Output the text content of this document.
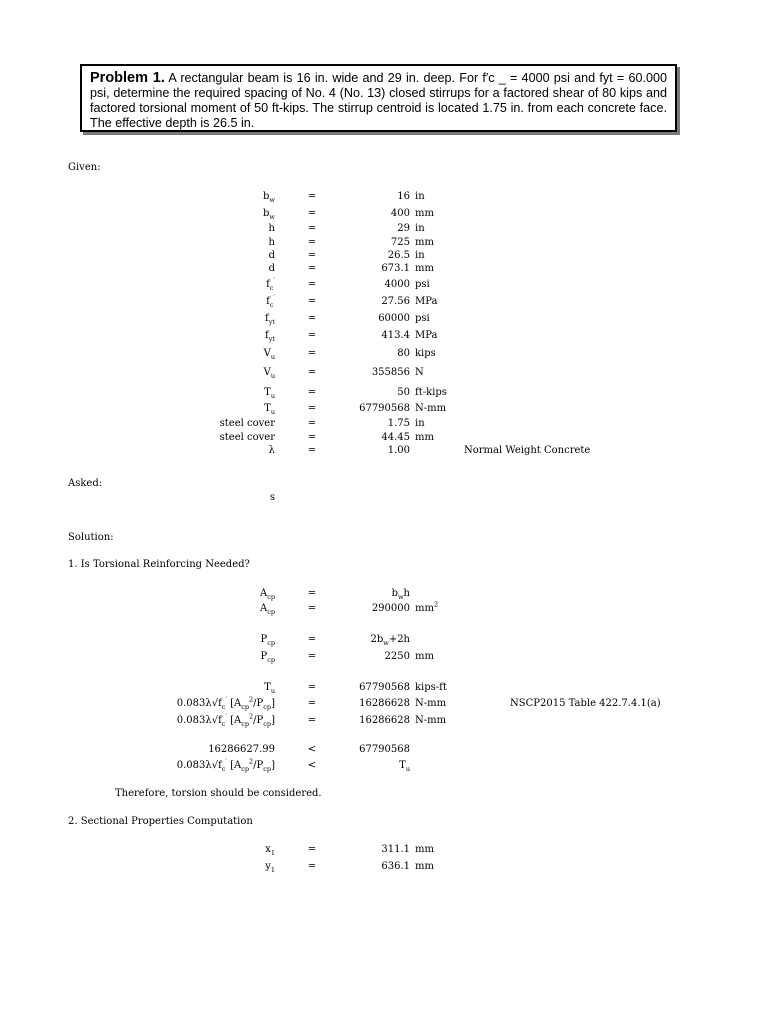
Problem 1. A rectangular beam is 16 in. wide and 29 in. deep. For f′c _ = 4000 psi and fyt = 60.000 psi, determine the required spacing of No. 4 (No. 13) closed stirrups for a factored shear of 80 kips and factored torsional moment of 50 ft-kips. The stirrup centroid is located 1.75 in. from each concrete face. The effective depth is 26.5 in.
Given:
$b_w$	=	16 in
$b_w$	=	400 mm
h	=	29 in
h	=	725 mm
d	=	26.5 in
d	=	673.1 mm
$f_c'$	=	4000 psi
$f_c'$	=	27.56 MPa
$f_{yt}$	=	60000 psi
$f_{yt}$	=	413.4 MPa
$V_u$	=	80 kips
$V_u$	=	355856 N
$T_u$	=	50 ft-kips
$T_u$	=	67790568 N-mm
steel cover	=	1.75 in
steel cover	=	44.45 mm
λ	=	1.00	Normal Weight Concrete
Asked:
s
Solution:
1. Is Torsional Reinforcing Needed?
$A_{cp}$	=	$b_wh$
$A_{cp}$	=	290000 $mm^2$
$P_{cp}$	=	$2b_w+2h$
$P_{cp}$	=	2250 mm
$T_u$	=	67790568 kips-ft
$0.083\lambda√f_c'$ $[A_{cp}^2/P_{cp}]$	=	16286628 N-mm	NSCP2015 Table 422.7.4.1(a)
$0.083\lambda√f_c'$ $[A_{cp}^2/P_{cp}]$	=	16286628 N-mm
16286627.99	<	67790568
$0.083\lambda√f_c'$ $[A_{cp}^2/P_{cp}]$	<	$T_u$
Therefore, torsion should be considered.
2. Sectional Properties Computation
$x_1$	=	311.1 mm
$y_1$	=	636.1 mm
